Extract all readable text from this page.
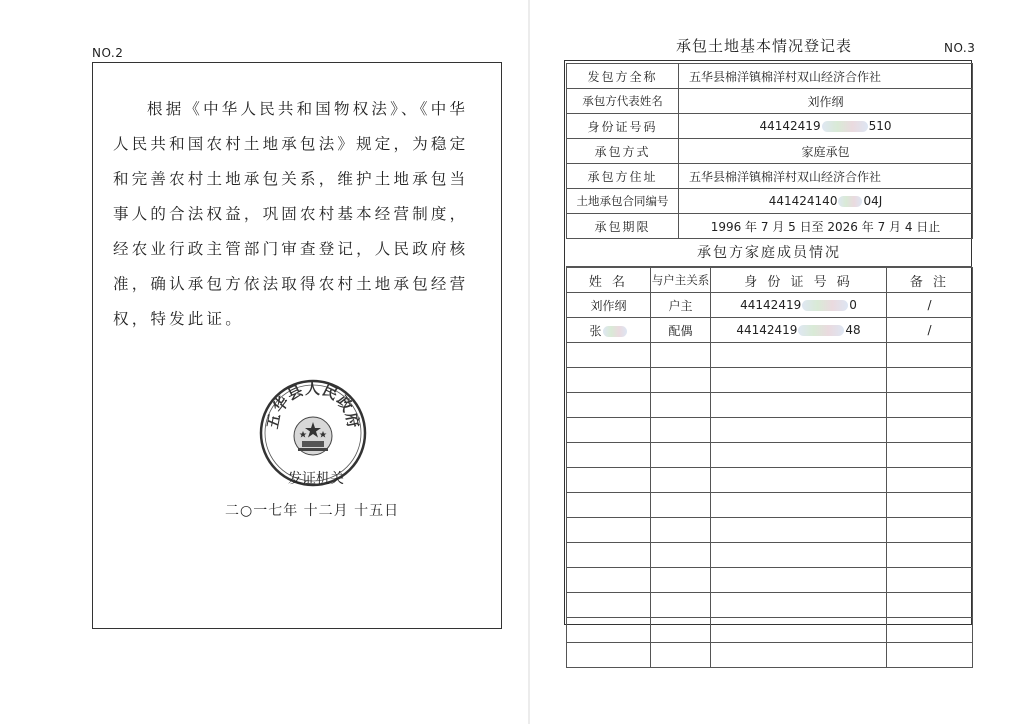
NO.2

根据《中华人民共和国物权法》、《中华人民共和国农村土地承包法》规定，为稳定和完善农村土地承包关系，维护土地承包当事人的合法权益，巩固农村基本经营制度，经农业行政主管部门审查登记，人民政府核准，确认承包方依法取得农村土地承包经营权，特发此证。

五华县人民政府
发证机关
二○一七年 十二月 十五日
承包土地基本情况登记表	NO.3
发包方全称	五华县棉洋镇棉洋村双山经济合作社
承包方代表姓名	刘作纲
身份证号码	44142419 510
承包方式	家庭承包
承包方住址	五华县棉洋镇棉洋村双山经济合作社
土地承包合同编号	441424140 04J
承包期限	1996 年 7 月 5 日至 2026 年 7 月 4 日止
承包方家庭成员情况
姓 名	与户主关系	身 份 证 号 码	备 注
刘作纲	户主	44142419 0	/
张	配偶	44142419 48	/
